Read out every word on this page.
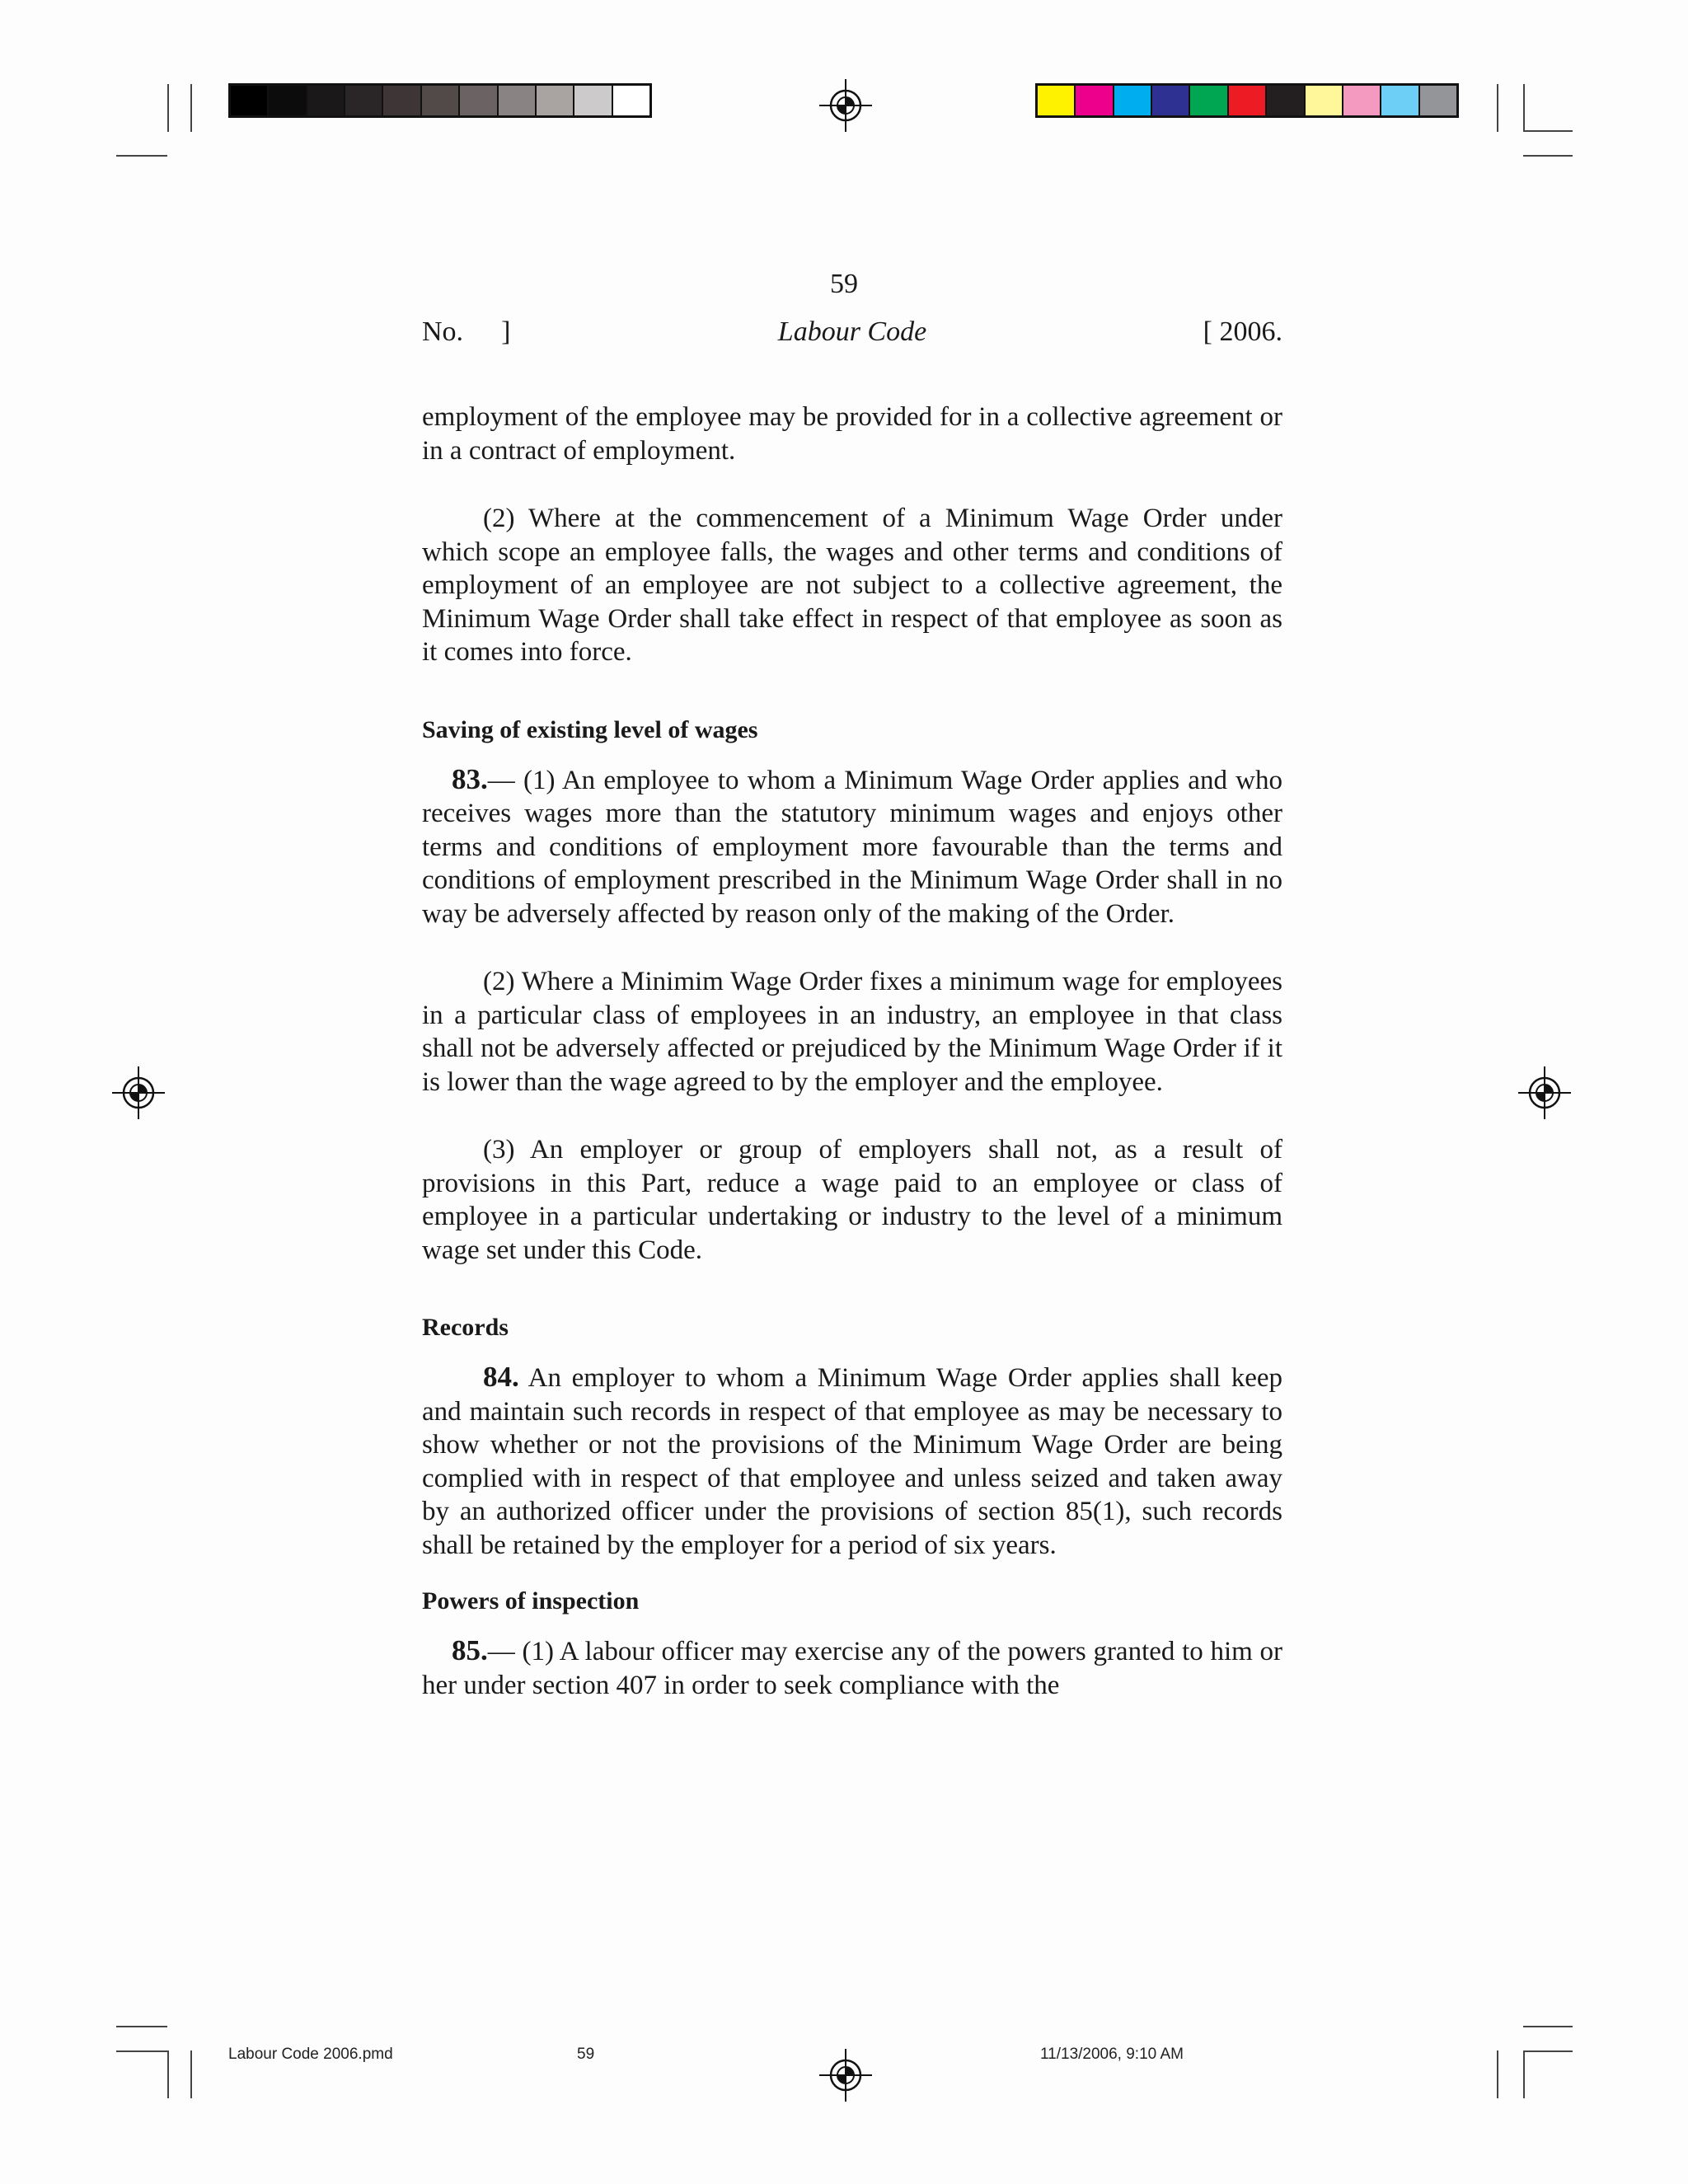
59
No. ]	Labour Code	[ 2006.

employment of the employee may be provided for in a collective agreement or in a contract of employment.

(2) Where at the commencement of a Minimum Wage Order under which scope an employee falls, the wages and other terms and conditions of employment of an employee are not subject to a collective agreement, the Minimum Wage Order shall take effect in respect of that employee as soon as it comes into force.

Saving of existing level of wages

83.— (1) An employee to whom a Minimum Wage Order applies and who receives wages more than the statutory minimum wages and enjoys other terms and conditions of employment more favourable than the terms and conditions of employment prescribed in the Minimum Wage Order shall in no way be adversely affected by reason only of the making of the Order.

(2) Where a Minimim Wage Order fixes a minimum wage for employees in a particular class of employees in an industry, an employee in that class shall not be adversely affected or prejudiced by the Minimum Wage Order if it is lower than the wage agreed to by the employer and the employee.

(3) An employer or group of employers shall not, as a result of provisions in this Part, reduce a wage paid to an employee or class of employee in a particular undertaking or industry to the level of a minimum wage set under this Code.

Records

84. An employer to whom a Minimum Wage Order applies shall keep and maintain such records in respect of that employee as may be necessary to show whether or not the provisions of the Minimum Wage Order are being complied with in respect of that employee and unless seized and taken away by an authorized officer under the provisions of section 85(1), such records shall be retained by the employer for a period of six years.

Powers of inspection

85.— (1) A labour officer may exercise any of the powers granted to him or her under section 407 in order to seek compliance with the

Labour Code 2006.pmd	59	11/13/2006, 9:10 AM
